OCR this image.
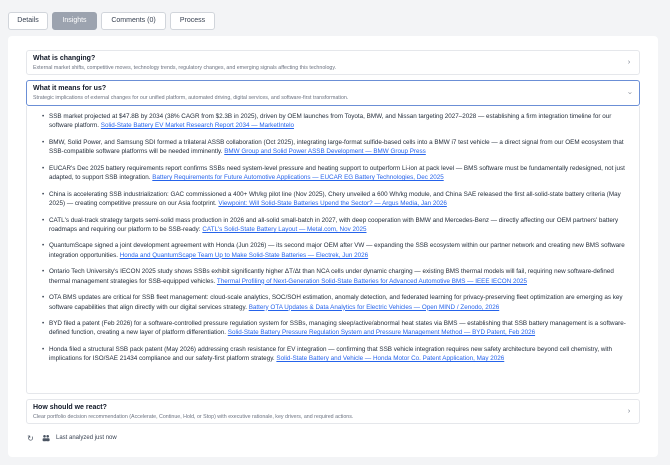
Details	Insights	Comments (0)	Process
What is changing?
External market shifts, competitive moves, technology trends, regulatory changes, and emerging signals affecting this technology.
›
What it means for us?
Strategic implications of external changes for our unified platform, automated driving, digital services, and software-first transformation.
›
• SSB market projected at $47.8B by 2034 (38% CAGR from $2.3B in 2025), driven by OEM launches from Toyota, BMW, and Nissan targeting 2027–2028 — establishing a firm integration timeline for our software platform. Solid-State Battery EV Market Research Report 2034 — MarketIntelo
• BMW, Solid Power, and Samsung SDI formed a trilateral ASSB collaboration (Oct 2025), integrating large-format sulfide-based cells into a BMW i7 test vehicle — a direct signal from our OEM ecosystem that SSB-compatible software platforms will be needed imminently. BMW Group and Solid Power ASSB Development — BMW Group Press
• EUCAR's Dec 2025 battery requirements report confirms SSBs need system-level pressure and heating support to outperform Li-ion at pack level — BMS software must be fundamentally redesigned, not just adapted, to support SSB integration. Battery Requirements for Future Automotive Applications — EUCAR EG Battery Technologies, Dec 2025
• China is accelerating SSB industrialization: GAC commissioned a 400+ Wh/kg pilot line (Nov 2025), Chery unveiled a 600 Wh/kg module, and China SAE released the first all-solid-state battery criteria (May 2025) — creating competitive pressure on our Asia footprint. Viewpoint: Will Solid-State Batteries Upend the Sector? — Argus Media, Jan 2026
• CATL's dual-track strategy targets semi-solid mass production in 2026 and all-solid small-batch in 2027, with deep cooperation with BMW and Mercedes-Benz — directly affecting our OEM partners' battery roadmaps and requiring our platform to be SSB-ready: CATL's Solid-State Battery Layout — Metal.com, Nov 2025
• QuantumScape signed a joint development agreement with Honda (Jun 2026) — its second major OEM after VW — expanding the SSB ecosystem within our partner network and creating new BMS software integration opportunities. Honda and QuantumScape Team Up to Make Solid-State Batteries — Electrek, Jun 2026
• Ontario Tech University's IECON 2025 study shows SSBs exhibit significantly higher ΔT/Δt than NCA cells under dynamic charging — existing BMS thermal models will fail, requiring new software-defined thermal management strategies for SSB-equipped vehicles. Thermal Profiling of Next-Generation Solid-State Batteries for Advanced Automotive BMS — IEEE IECON 2025
• OTA BMS updates are critical for SSB fleet management: cloud-scale analytics, SOC/SOH estimation, anomaly detection, and federated learning for privacy-preserving fleet optimization are emerging as key software capabilities that align directly with our digital services strategy. Battery OTA Updates & Data Analytics for Electric Vehicles — Open MIND / Zenodo, 2026
• BYD filed a patent (Feb 2026) for a software-controlled pressure regulation system for SSBs, managing sleep/active/abnormal heat states via BMS — establishing that SSB battery management is a software-defined function, creating a new layer of platform differentiation. Solid-State Battery Pressure Regulation System and Pressure Management Method — BYD Patent, Feb 2026
• Honda filed a structural SSB pack patent (May 2026) addressing crash resistance for EV integration — confirming that SSB vehicle integration requires new safety architecture beyond cell chemistry, with implications for ISO/SAE 21434 compliance and our safety-first platform strategy. Solid-State Battery and Vehicle — Honda Motor Co. Patent Application, May 2026
How should we react?
Clear portfolio decision recommendation (Accelerate, Continue, Hold, or Stop) with executive rationale, key drivers, and required actions.
›
↻	Last analyzed just now
